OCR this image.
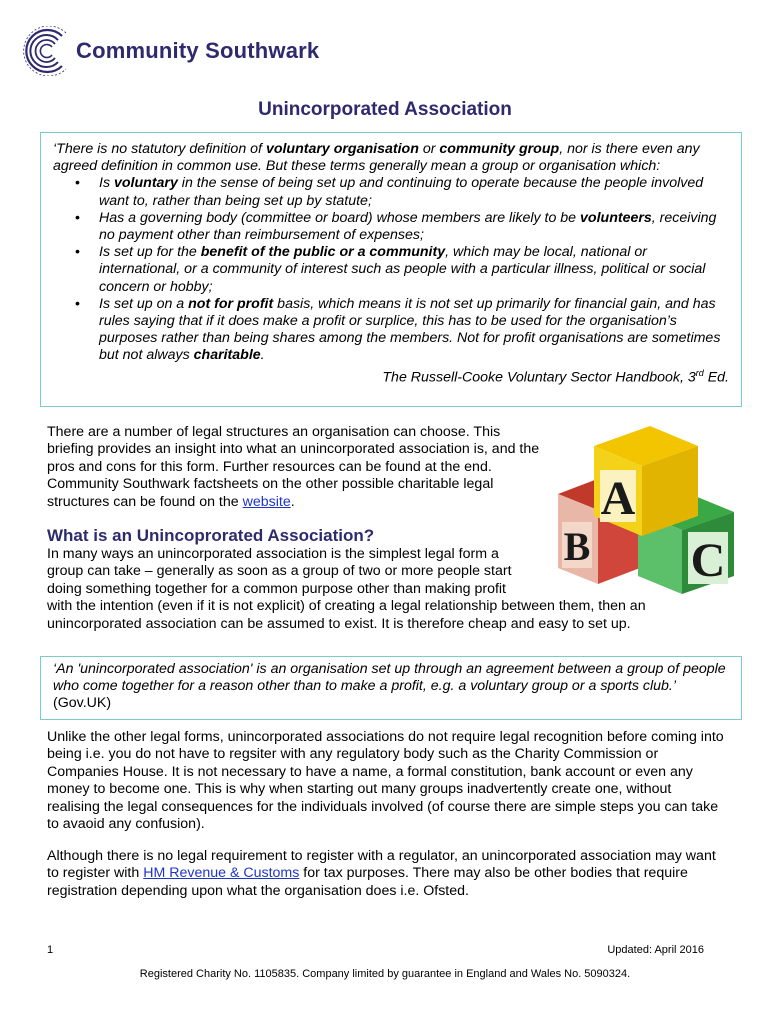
Community Southwark
Unincorporated Association
‘There is no statutory definition of voluntary organisation or community group, nor is there even any agreed definition in common use. But these terms generally mean a group or organisation which:
• Is voluntary in the sense of being set up and continuing to operate because the people involved want to, rather than being set up by statute;
• Has a governing body (committee or board) whose members are likely to be volunteers, receiving no payment other than reimbursement of expenses;
• Is set up for the benefit of the public or a community, which may be local, national or international, or a community of interest such as people with a particular illness, political or social concern or hobby;
• Is set up on a not for profit basis, which means it is not set up primarily for financial gain, and has rules saying that if it does make a profit or surplice, this has to be used for the organisation’s purposes rather than being shares among the members. Not for profit organisations are sometimes but not always charitable.
The Russell-Cooke Voluntary Sector Handbook, 3rd Ed.
There are a number of legal structures an organisation can choose. This briefing provides an insight into what an unincorporated association is, and the pros and cons for this form. Further resources can be found at the end. Community Southwark factsheets on the other possible charitable legal structures can be found on the website.
B C
A
What is an Unincoprorated Association?
In many ways an unincorporated association is the simplest legal form a group can take – generally as soon as a group of two or more people start doing something together for a common purpose other than making profit with the intention (even if it is not explicit) of creating a legal relationship between them, then an unincorporated association can be assumed to exist. It is therefore cheap and easy to set up.
‘An 'unincorporated association' is an organisation set up through an agreement between a group of people who come together for a reason other than to make a profit, e.g. a voluntary group or a sports club.’ (Gov.UK)
Unlike the other legal forms, unincorporated associations do not require legal recognition before coming into being i.e. you do not have to regsiter with any regulatory body such as the Charity Commission or Companies House. It is not necessary to have a name, a formal constitution, bank account or even any money to become one. This is why when starting out many groups inadvertently create one, without realising the legal consequences for the individuals involved (of course there are simple steps you can take to avaoid any confusion).
Although there is no legal requirement to register with a regulator, an unincorporated association may want to register with HM Revenue & Customs for tax purposes. There may also be other bodies that require registration depending upon what the organisation does i.e. Ofsted.
1	Updated: April 2016
Registered Charity No. 1105835. Company limited by guarantee in England and Wales No. 5090324.
